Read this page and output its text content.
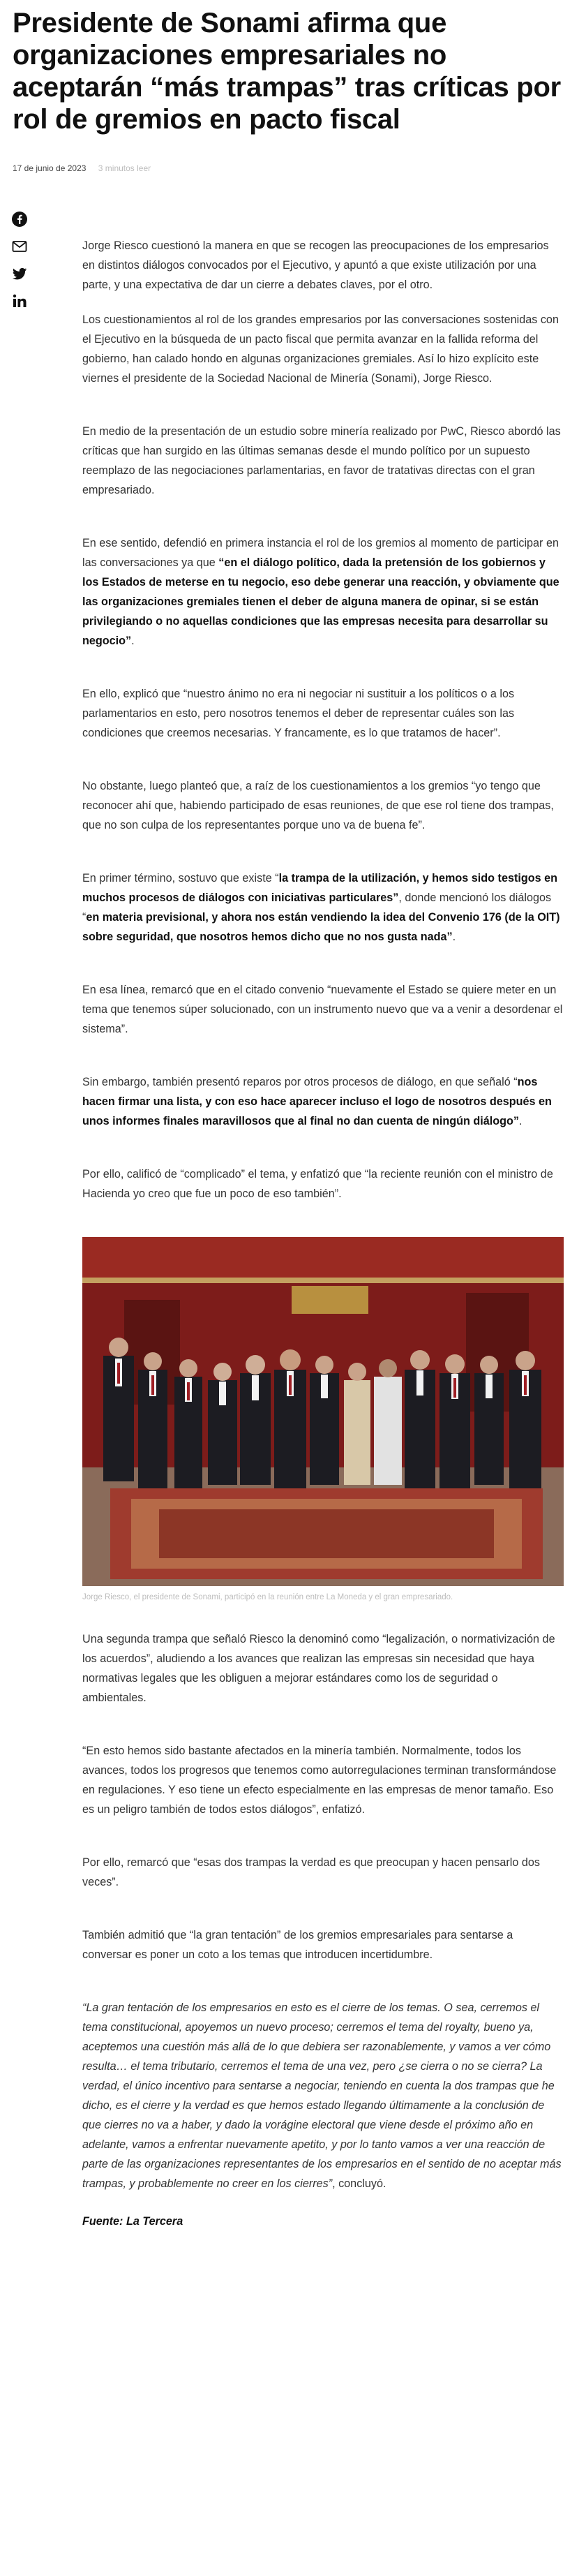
Presidente de Sonami afirma que organizaciones empresariales no aceptarán “más trampas” tras críticas por rol de gremios en pacto fiscal
17 de junio de 2023 3 minutos leer

Jorge Riesco cuestionó la manera en que se recogen las preocupaciones de los empresarios en distintos diálogos convocados por el Ejecutivo, y apuntó a que existe utilización por una parte, y una expectativa de dar un cierre a debates claves, por el otro.

Los cuestionamientos al rol de los grandes empresarios por las conversaciones sostenidas con el Ejecutivo en la búsqueda de un pacto fiscal que permita avanzar en la fallida reforma del gobierno, han calado hondo en algunas organizaciones gremiales. Así lo hizo explícito este viernes el presidente de la Sociedad Nacional de Minería (Sonami), Jorge Riesco.

En medio de la presentación de un estudio sobre minería realizado por PwC, Riesco abordó las críticas que han surgido en las últimas semanas desde el mundo político por un supuesto reemplazo de las negociaciones parlamentarias, en favor de tratativas directas con el gran empresariado.

En ese sentido, defendió en primera instancia el rol de los gremios al momento de participar en las conversaciones ya que “en el diálogo político, dada la pretensión de los gobiernos y los Estados de meterse en tu negocio, eso debe generar una reacción, y obviamente que las organizaciones gremiales tienen el deber de alguna manera de opinar, si se están privilegiando o no aquellas condiciones que las empresas necesita para desarrollar su negocio”.

En ello, explicó que “nuestro ánimo no era ni negociar ni sustituir a los políticos o a los parlamentarios en esto, pero nosotros tenemos el deber de representar cuáles son las condiciones que creemos necesarias. Y francamente, es lo que tratamos de hacer”.

No obstante, luego planteó que, a raíz de los cuestionamientos a los gremios “yo tengo que reconocer ahí que, habiendo participado de esas reuniones, de que ese rol tiene dos trampas, que no son culpa de los representantes porque uno va de buena fe”.

En primer término, sostuvo que existe “la trampa de la utilización, y hemos sido testigos en muchos procesos de diálogos con iniciativas particulares”, donde mencionó los diálogos “en materia previsional, y ahora nos están vendiendo la idea del Convenio 176 (de la OIT) sobre seguridad, que nosotros hemos dicho que no nos gusta nada”.

En esa línea, remarcó que en el citado convenio “nuevamente el Estado se quiere meter en un tema que tenemos súper solucionado, con un instrumento nuevo que va a venir a desordenar el sistema”.

Sin embargo, también presentó reparos por otros procesos de diálogo, en que señaló “nos hacen firmar una lista, y con eso hace aparecer incluso el logo de nosotros después en unos informes finales maravillosos que al final no dan cuenta de ningún diálogo”.

Por ello, calificó de “complicado” el tema, y enfatizó que “la reciente reunión con el ministro de Hacienda yo creo que fue un poco de eso también”.

Jorge Riesco, el presidente de Sonami, participó en la reunión entre La Moneda y el gran empresariado.

Una segunda trampa que señaló Riesco la denominó como “legalización, o normativización de los acuerdos”, aludiendo a los avances que realizan las empresas sin necesidad que haya normativas legales que les obliguen a mejorar estándares como los de seguridad o ambientales.

“En esto hemos sido bastante afectados en la minería también. Normalmente, todos los avances, todos los progresos que tenemos como autorregulaciones terminan transformándose en regulaciones. Y eso tiene un efecto especialmente en las empresas de menor tamaño. Eso es un peligro también de todos estos diálogos”, enfatizó.

Por ello, remarcó que “esas dos trampas la verdad es que preocupan y hacen pensarlo dos veces”.

También admitió que “la gran tentación” de los gremios empresariales para sentarse a conversar es poner un coto a los temas que introducen incertidumbre.

“La gran tentación de los empresarios en esto es el cierre de los temas. O sea, cerremos el tema constitucional, apoyemos un nuevo proceso; cerremos el tema del royalty, bueno ya, aceptemos una cuestión más allá de lo que debiera ser razonablemente, y vamos a ver cómo resulta… el tema tributario, cerremos el tema de una vez, pero ¿se cierra o no se cierra? La verdad, el único incentivo para sentarse a negociar, teniendo en cuenta la dos trampas que he dicho, es el cierre y la verdad es que hemos estado llegando últimamente a la conclusión de que cierres no va a haber, y dado la vorágine electoral que viene desde el próximo año en adelante, vamos a enfrentar nuevamente apetito, y por lo tanto vamos a ver una reacción de parte de las organizaciones representantes de los empresarios en el sentido de no aceptar más trampas, y probablemente no creer en los cierres”, concluyó.

Fuente: La Tercera
